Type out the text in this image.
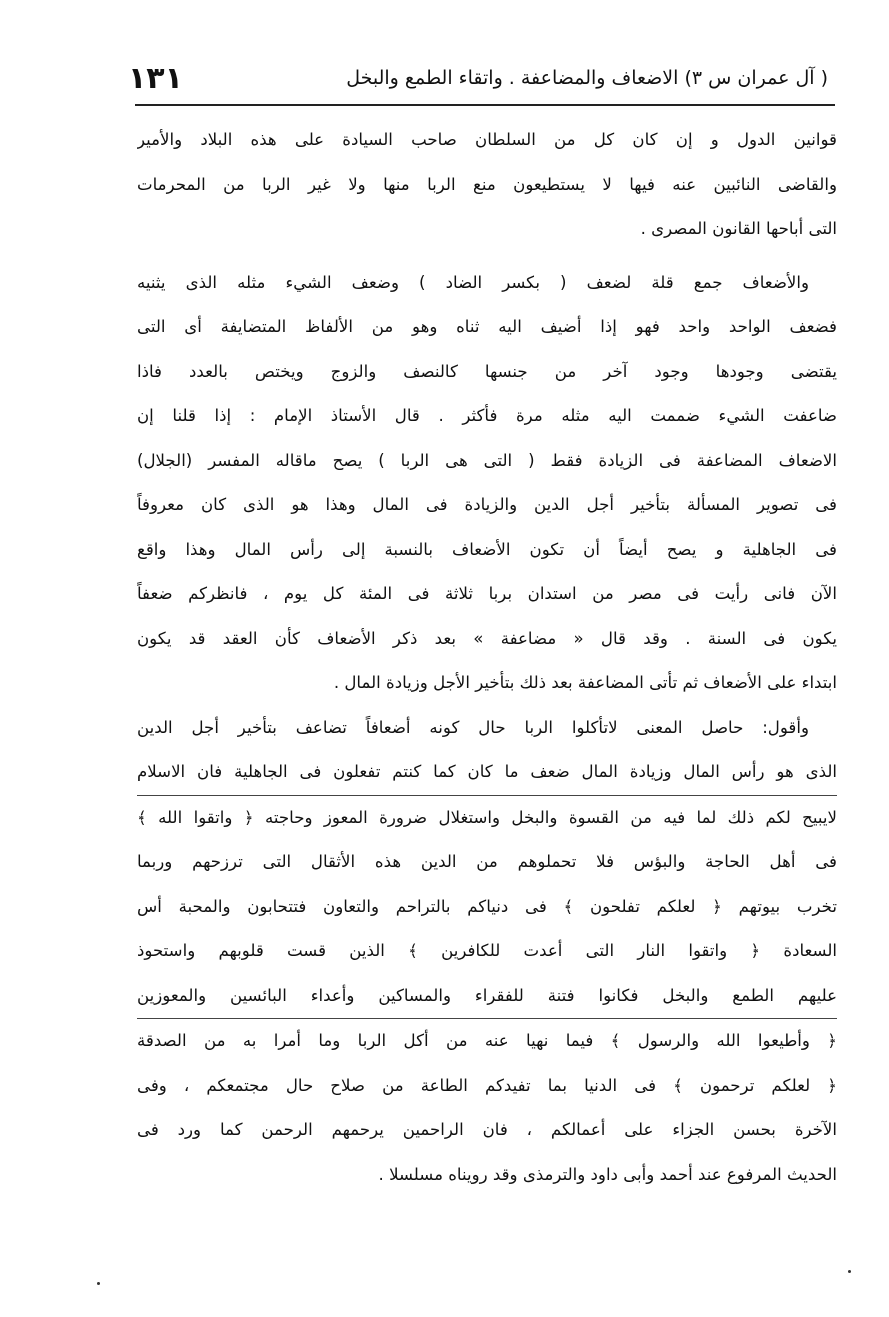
( آل عمران س ٣) الاضعاف والمضاعفة . واتقاء الطمع والبخل
١٣١
قوانين الدول و إن كان كل من السلطان صاحب السيادة على هذه البلاد والأمير
والقاضى النائبين عنه فيها لا يستطيعون منع الربا منها ولا غير الربا من المحرمات
التى أباحها القانون المصرى .
والأضعاف جمع قلة لضعف ( بكسر الضاد ) وضعف الشيء مثله الذى يثنيه
فضعف الواحد واحد فهو إذا أضيف اليه ثناه وهو من الألفاظ المتضايفة أى التى
يقتضى وجودها وجود آخر من جنسها كالنصف والزوج ويختص بالعدد فاذا
ضاعفت الشيء ضممت اليه مثله مرة فأكثر . قال الأستاذ الإمام : إذا قلنا إن
الاضعاف المضاعفة فى الزيادة فقط ( التى هى الربا ) يصح ماقاله المفسر (الجلال)
فى تصوير المسألة بتأخير أجل الدين والزيادة فى المال وهذا هو الذى كان معروفاً
فى الجاهلية و يصح أيضاً أن تكون الأضعاف بالنسبة إلى رأس المال وهذا واقع
الآن فانى رأيت فى مصر من استدان بربا ثلاثة فى المئة كل يوم ، فانظركم ضعفاً
يكون فى السنة . وقد قال « مضاعفة » بعد ذكر الأضعاف كأن العقد قد يكون
ابتداء على الأضعاف ثم تأتى المضاعفة بعد ذلك بتأخير الأجل وزيادة المال .
وأقول: حاصل المعنى لاتأكلوا الربا حال كونه أضعافاً تضاعف بتأخير أجل الدين
الذى هو رأس المال وزيادة المال ضعف ما كان كما كنتم تفعلون فى الجاهلية فان الاسلام
لايبيح لكم ذلك لما فيه من القسوة والبخل واستغلال ضرورة المعوز وحاجته ﴿ واتقوا الله ﴾
فى أهل الحاجة والبؤس فلا تحملوهم من الدين هذه الأثقال التى ترزحهم وربما
تخرب بيوتهم ﴿ لعلكم تفلحون ﴾ فى دنياكم بالتراحم والتعاون فتتحابون والمحبة أس
السعادة ﴿ واتقوا النار التى أعدت للكافرين ﴾ الذين قست قلوبهم واستحوذ
عليهم الطمع والبخل فكانوا فتنة للفقراء والمساكين وأعداء البائسين والمعوزين
﴿ وأطيعوا الله والرسول ﴾ فيما نهيا عنه من أكل الربا وما أمرا به من الصدقة
﴿ لعلكم ترحمون ﴾ فى الدنيا بما تفيدكم الطاعة من صلاح حال مجتمعكم ، وفى
الآخرة بحسن الجزاء على أعمالكم ، فان الراحمين يرحمهم الرحمن كما ورد فى
الحديث المرفوع عند أحمد وأبى داود والترمذى وقد رويناه مسلسلا .
